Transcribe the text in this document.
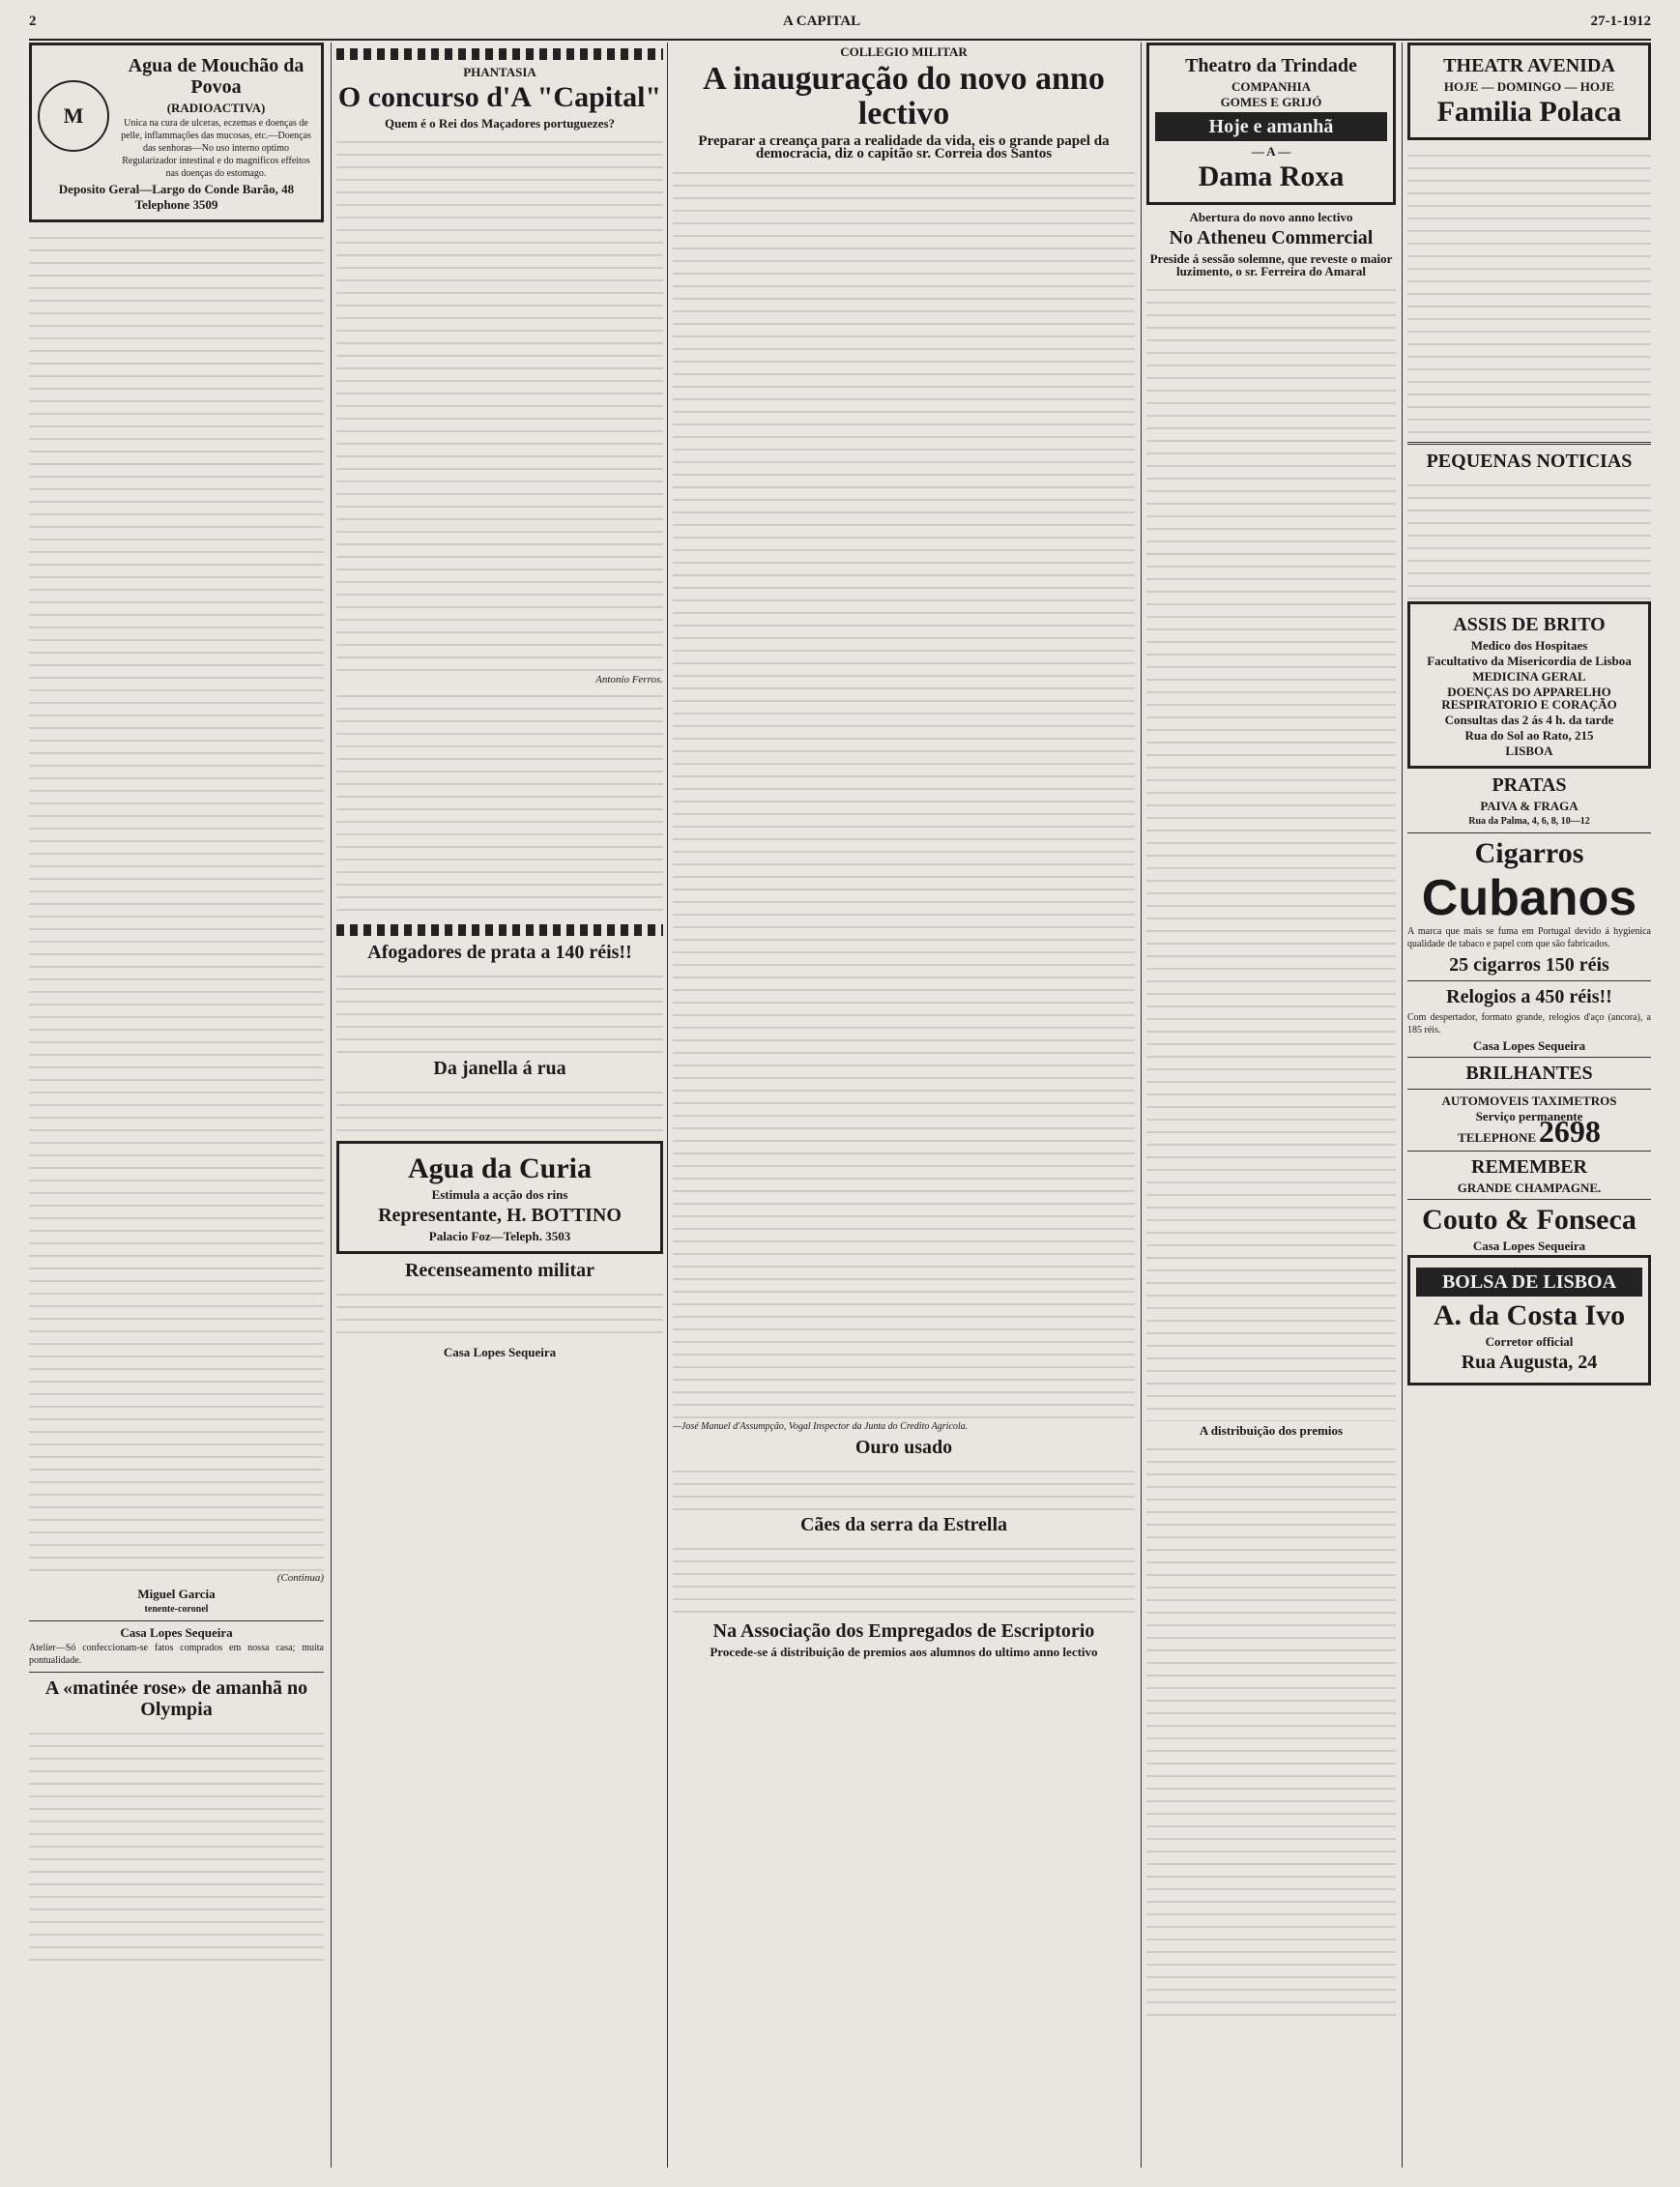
2	A CAPITAL	27-1-1912
M
Agua de Mouchão da Povoa
(RADIOACTIVA)
Unica na cura de ulceras, eczemas e doenças de pelle, inflammações das mucosas, etc.—Doenças das senhoras—No uso interno optimo Regularizador intestinal e do magnificos effeitos nas doenças do estomago.
Deposito Geral—Largo do Conde Barão, 48
Telephone 3509
(Continua)
Miguel Garcia
tenente-coronel
Casa Lopes Sequeira
Atelier—Só confeccionam-se fatos comprados em nossa casa; muita pontualidade.
A «matinée rose» de amanhã no Olympia
PHANTASIA
O concurso d'A "Capital"
Quem é o Rei dos Maçadores portuguezes?
Antonio Ferros.
Afogadores de prata a 140 réis!!
Da janella á rua
Agua da Curia
Estimula a acção dos rins
Representante, H. BOTTINO
Palacio Foz—Teleph. 3503
Recenseamento militar
Casa Lopes Sequeira
COLLEGIO MILITAR
A inauguração do novo anno lectivo
Preparar a creança para a realidade da vida, eis o grande papel da democracia, diz o capitão sr. Correia dos Santos
—José Manuel d'Assumpção, Vogal Inspector da Junta do Credito Agricola.
Ouro usado
Cães da serra da Estrella
Na Associação dos Empregados de Escriptorio
Procede-se á distribuição de premios aos alumnos do ultimo anno lectivo
Theatro da Trindade
COMPANHIA
GOMES E GRIJÓ
Hoje e amanhã
— A —
Dama Roxa
Abertura do novo anno lectivo
No Atheneu Commercial
Preside á sessão solemne, que reveste o maior luzimento, o sr. Ferreira do Amaral
A distribuição dos premios
THEATR AVENIDA
HOJE — DOMINGO — HOJE
Familia Polaca
PEQUENAS NOTICIAS
ASSIS DE BRITO
Medico dos Hospitaes
Facultativo da Misericordia de Lisboa
MEDICINA GERAL
DOENÇAS DO APPARELHO RESPIRATORIO E CORAÇÃO
Consultas das 2 ás 4 h. da tarde
Rua do Sol ao Rato, 215
LISBOA
PRATAS
PAIVA & FRAGA
Rua da Palma, 4, 6, 8, 10—12
Cigarros
Cubanos
A marca que mais se fuma em Portugal devido á hygienica qualidade de tabaco e papel com que são fabricados.
25 cigarros 150 réis
Relogios a 450 réis!!
Com despertador, formato grande, relogios d'aço (ancora), a 185 réis.
Casa Lopes Sequeira
BRILHANTES
AUTOMOVEIS TAXIMETROS
Serviço permanente
TELEPHONE 2698
REMEMBER
GRANDE CHAMPAGNE.
Couto & Fonseca
Casa Lopes Sequeira
BOLSA DE LISBOA
A. da Costa Ivo
Corretor official
Rua Augusta, 24
